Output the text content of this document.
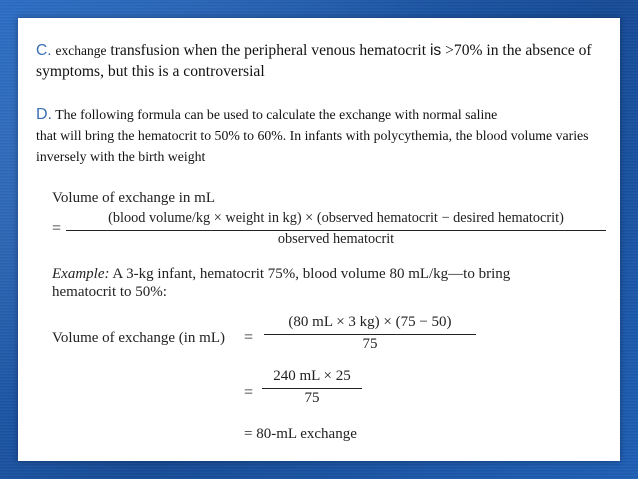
C. exchange transfusion when the peripheral venous hematocrit is >70% in the absence of symptoms, but this is a controversial
D. The following formula can be used to calculate the exchange with normal saline
that will bring the hematocrit to 50% to 60%. In infants with polycythemia, the blood volume varies inversely with the birth weight
Volume of exchange in mL
=
(blood volume/kg × weight in kg) × (observed hematocrit − desired hematocrit)
observed hematocrit
Example: A 3-kg infant, hematocrit 75%, blood volume 80 mL/kg—to bring
hematocrit to 50%:
Volume of exchange (in mL) =
(80 mL × 3 kg) × (75 − 50)
75
=
240 mL × 25
75
= 80-mL exchange
